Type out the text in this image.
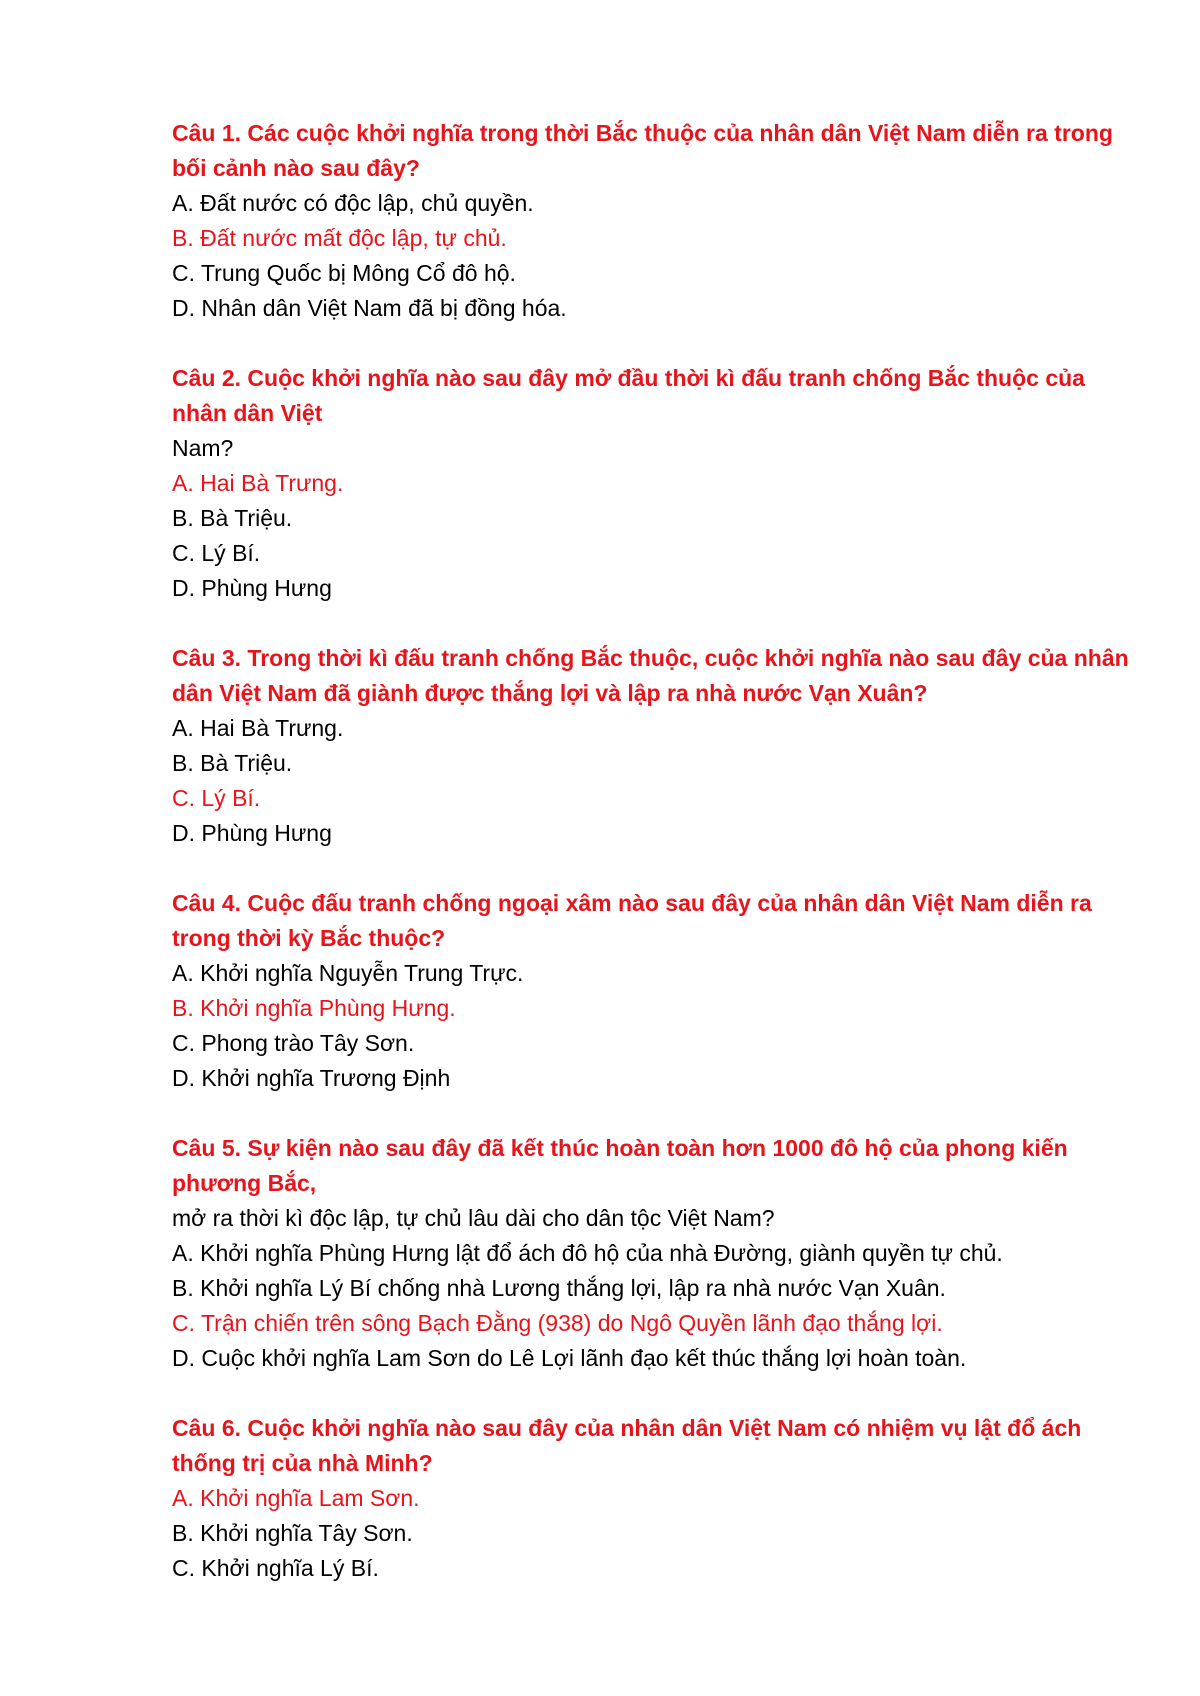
Câu 1. Các cuộc khởi nghĩa trong thời Bắc thuộc của nhân dân Việt Nam diễn ra trong bối cảnh nào sau đây?
A. Đất nước có độc lập, chủ quyền.
B. Đất nước mất độc lập, tự chủ.
C. Trung Quốc bị Mông Cổ đô hộ.
D. Nhân dân Việt Nam đã bị đồng hóa.
Câu 2. Cuộc khởi nghĩa nào sau đây mở đầu thời kì đấu tranh chống Bắc thuộc của nhân dân Việt
Nam?
A. Hai Bà Trưng.
B. Bà Triệu.
C. Lý Bí.
D. Phùng Hưng
Câu 3. Trong thời kì đấu tranh chống Bắc thuộc, cuộc khởi nghĩa nào sau đây của nhân dân Việt Nam đã giành được thắng lợi và lập ra nhà nước Vạn Xuân?
A. Hai Bà Trưng.
B. Bà Triệu.
C. Lý Bí.
D. Phùng Hưng
Câu 4. Cuộc đấu tranh chống ngoại xâm nào sau đây của nhân dân Việt Nam diễn ra trong thời kỳ Bắc thuộc?
A. Khởi nghĩa Nguyễn Trung Trực.
B. Khởi nghĩa Phùng Hưng.
C. Phong trào Tây Sơn.
D. Khởi nghĩa Trương Định
Câu 5. Sự kiện nào sau đây đã kết thúc hoàn toàn hơn 1000 đô hộ của phong kiến phương Bắc,
mở ra thời kì độc lập, tự chủ lâu dài cho dân tộc Việt Nam?
A. Khởi nghĩa Phùng Hưng lật đổ ách đô hộ của nhà Đường, giành quyền tự chủ.
B. Khởi nghĩa Lý Bí chống nhà Lương thắng lợi, lập ra nhà nước Vạn Xuân.
C. Trận chiến trên sông Bạch Đằng (938) do Ngô Quyền lãnh đạo thắng lợi.
D. Cuộc khởi nghĩa Lam Sơn do Lê Lợi lãnh đạo kết thúc thắng lợi hoàn toàn.
Câu 6. Cuộc khởi nghĩa nào sau đây của nhân dân Việt Nam có nhiệm vụ lật đổ ách thống trị của nhà Minh?
A. Khởi nghĩa Lam Sơn.
B. Khởi nghĩa Tây Sơn.
C. Khởi nghĩa Lý Bí.
